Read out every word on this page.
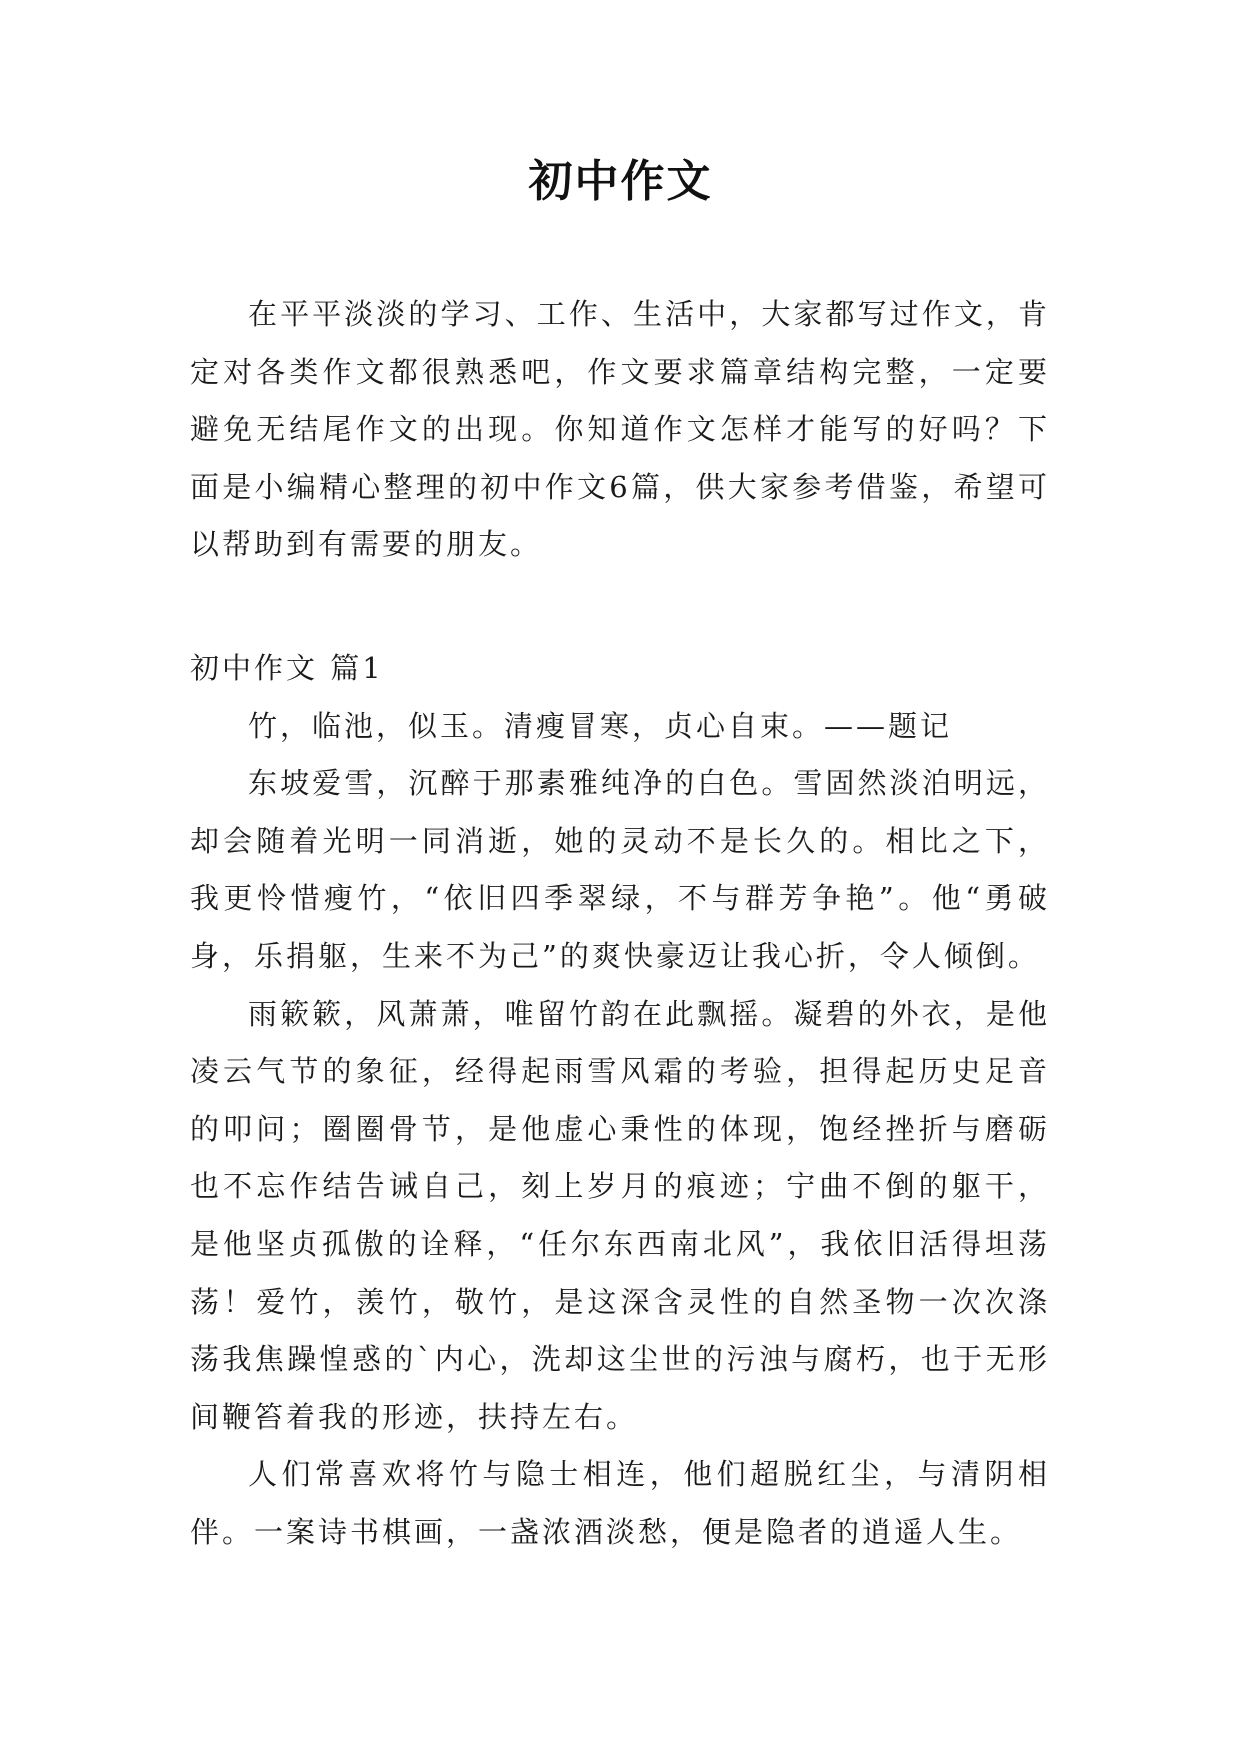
初中作文

在平平淡淡的学习、工作、生活中，大家都写过作文，肯定对各类作文都很熟悉吧，作文要求篇章结构完整，一定要避免无结尾作文的出现。你知道作文怎样才能写的好吗？下面是小编精心整理的初中作文6篇，供大家参考借鉴，希望可以帮助到有需要的朋友。

初中作文 篇1

竹，临池，似玉。清瘦冒寒，贞心自束。——题记

东坡爱雪，沉醉于那素雅纯净的白色。雪固然淡泊明远，却会随着光明一同消逝，她的灵动不是长久的。相比之下，我更怜惜瘦竹，“依旧四季翠绿，不与群芳争艳”。他“勇破身，乐捐躯，生来不为己”的爽快豪迈让我心折，令人倾倒。

雨簌簌，风萧萧，唯留竹韵在此飘摇。凝碧的外衣，是他凌云气节的象征，经得起雨雪风霜的考验，担得起历史足音的叩问；圈圈骨节，是他虚心秉性的体现，饱经挫折与磨砺也不忘作结告诫自己，刻上岁月的痕迹；宁曲不倒的躯干，是他坚贞孤傲的诠释，“任尔东西南北风”，我依旧活得坦荡荡！爱竹，羡竹，敬竹，是这深含灵性的自然圣物一次次涤荡我焦躁惶惑的`内心，洗却这尘世的污浊与腐朽，也于无形间鞭笞着我的形迹，扶持左右。

人们常喜欢将竹与隐士相连，他们超脱红尘，与清阴相伴。一案诗书棋画，一盏浓酒淡愁，便是隐者的逍遥人生。
